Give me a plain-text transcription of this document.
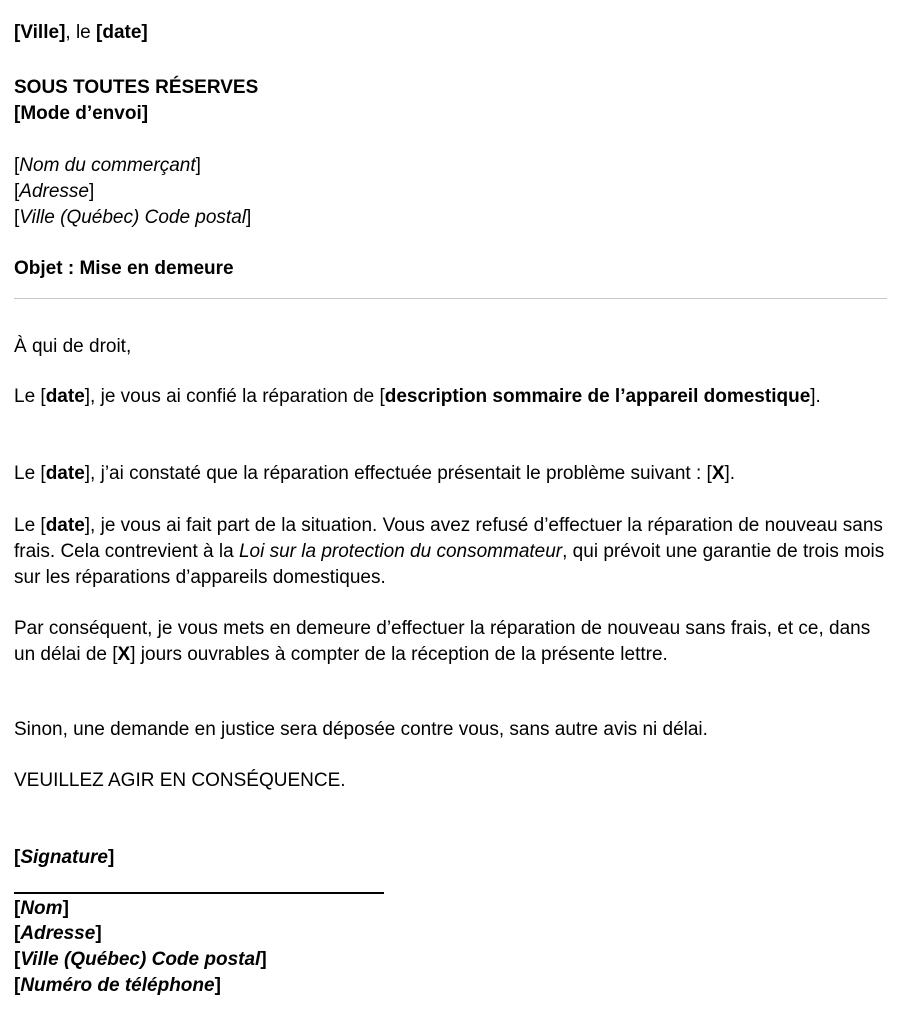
[Ville], le [date]
SOUS TOUTES RÉSERVES
[Mode d’envoi]
[Nom du commerçant]
[Adresse]
[Ville (Québec) Code postal]
Objet : Mise en demeure
À qui de droit,
Le [date], je vous ai confié la réparation de [description sommaire de l’appareil domestique].
Le [date], j’ai constaté que la réparation effectuée présentait le problème suivant : [X].
Le [date], je vous ai fait part de la situation. Vous avez refusé d’effectuer la réparation de nouveau sans frais. Cela contrevient à la Loi sur la protection du consommateur, qui prévoit une garantie de trois mois sur les réparations d’appareils domestiques.
Par conséquent, je vous mets en demeure d’effectuer la réparation de nouveau sans frais, et ce, dans un délai de [X] jours ouvrables à compter de la réception de la présente lettre.
Sinon, une demande en justice sera déposée contre vous, sans autre avis ni délai.
VEUILLEZ AGIR EN CONSÉQUENCE.
[Signature]
[Nom]
[Adresse]
[Ville (Québec) Code postal]
[Numéro de téléphone]
